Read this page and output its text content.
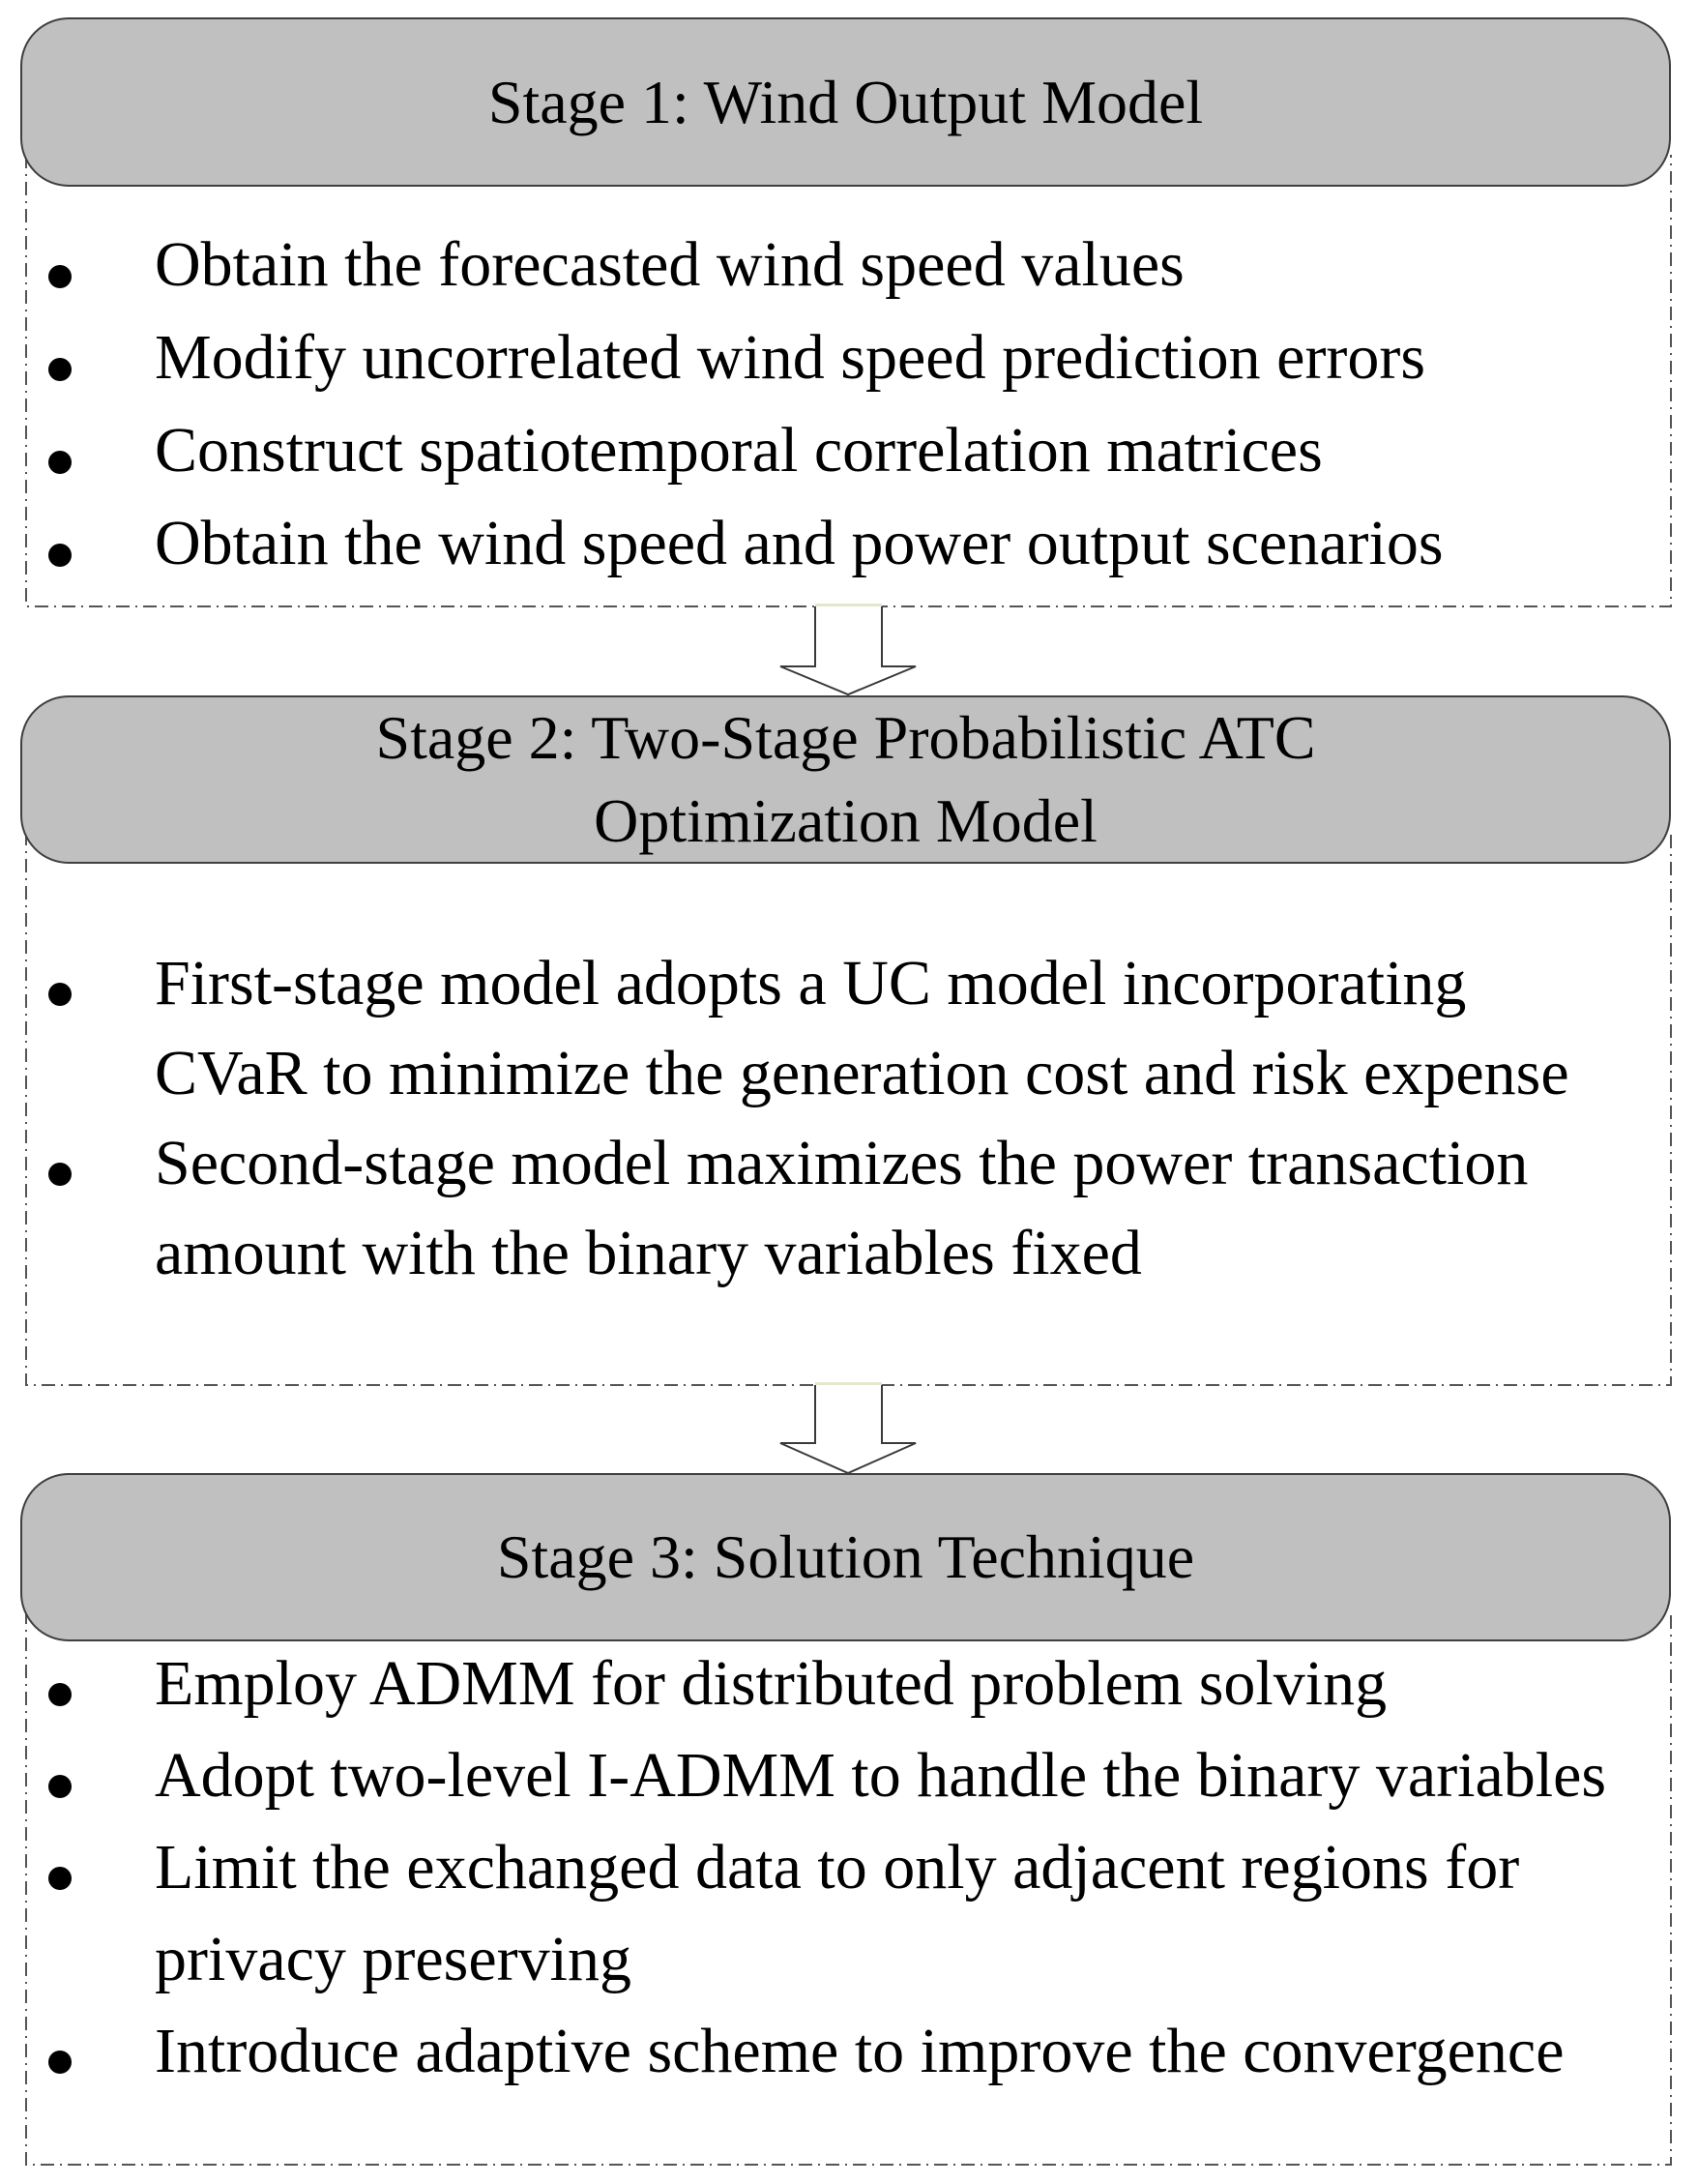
Stage 1: Wind Output Model
Obtain the forecasted wind speed values
Modify uncorrelated wind speed prediction errors
Construct spatiotemporal correlation matrices
Obtain the wind speed and power output scenarios
Stage 2: Two-Stage Probabilistic ATC
Optimization Model
First-stage model adopts a UC model incorporating
CVaR to minimize the generation cost and risk expense
Second-stage model maximizes the power transaction
amount with the binary variables fixed
Stage 3: Solution Technique
Employ ADMM for distributed problem solving
Adopt two-level I-ADMM to handle the binary variables
Limit the exchanged data to only adjacent regions for
privacy preserving
Introduce adaptive scheme to improve the convergence
